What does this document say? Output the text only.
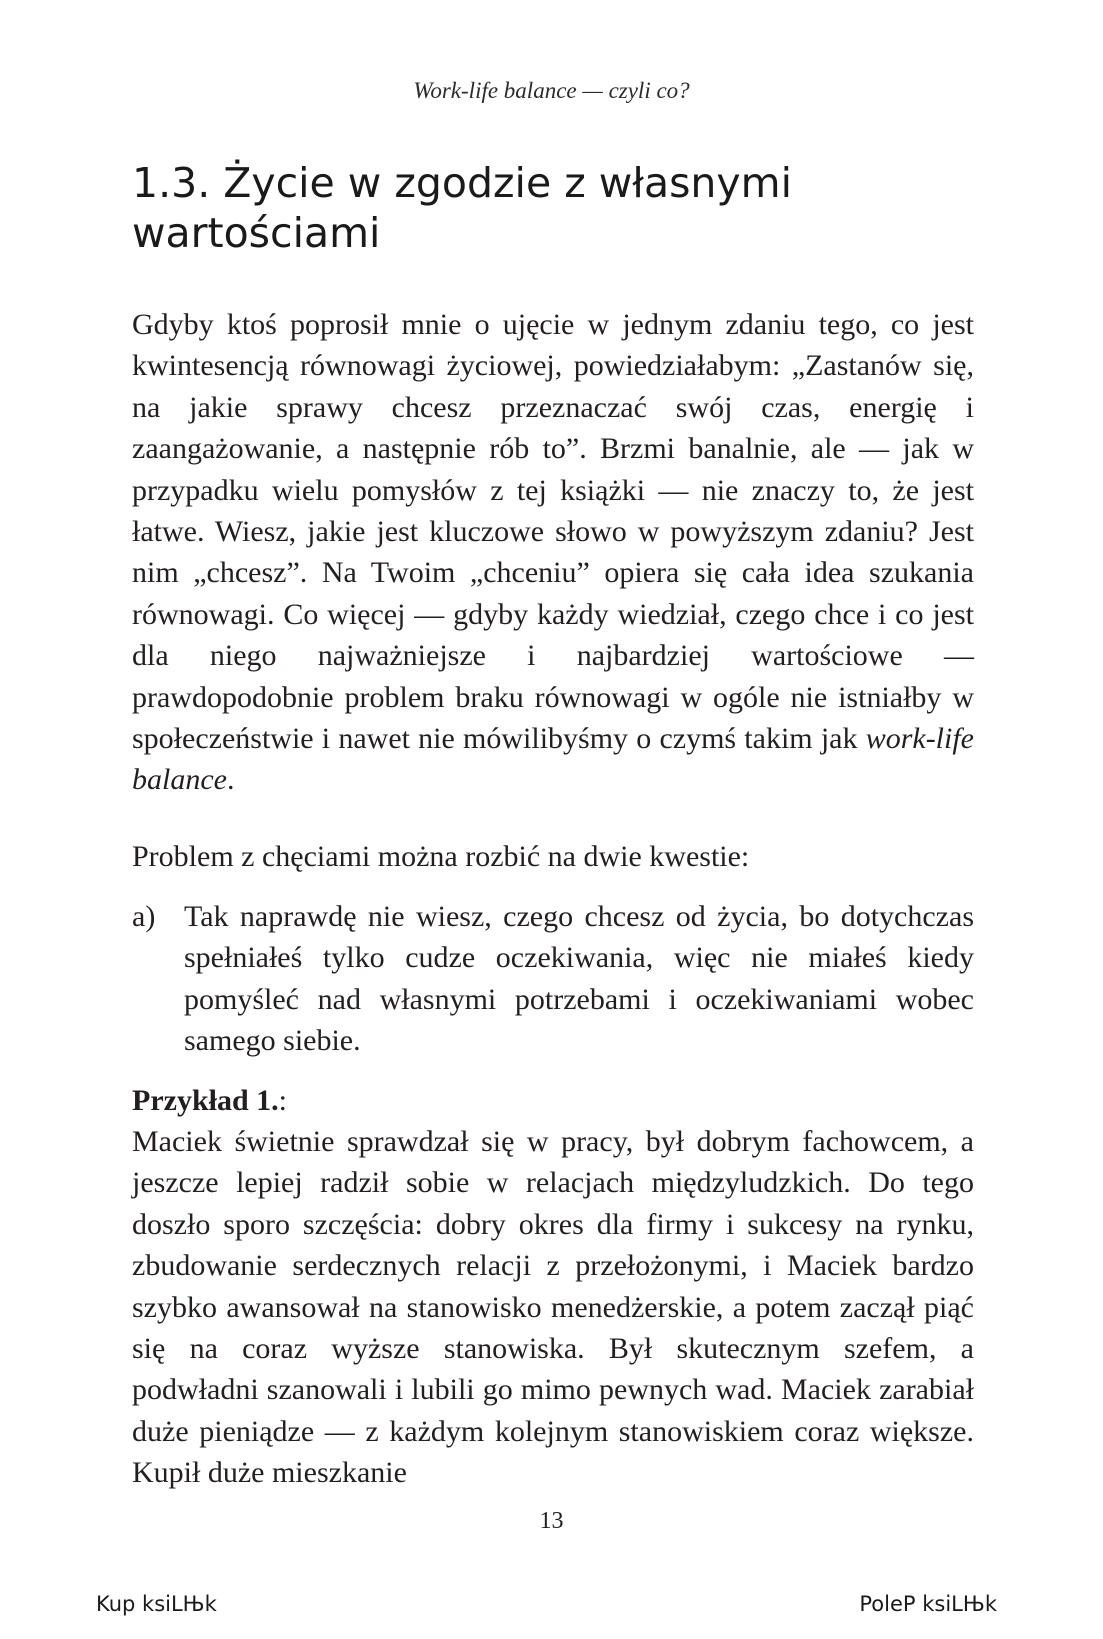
Work-life balance — czyli co?
1.3. Życie w zgodzie z własnymi wartościami

Gdyby ktoś poprosił mnie o ujęcie w jednym zdaniu tego, co jest kwintesencją równowagi życiowej, powiedziałabym: „Zastanów się, na jakie sprawy chcesz przeznaczać swój czas, energię i zaangażowanie, a następnie rób to”. Brzmi banalnie, ale — jak w przypadku wielu pomysłów z tej książki — nie znaczy to, że jest łatwe. Wiesz, jakie jest kluczowe słowo w powyższym zdaniu? Jest nim „chcesz”. Na Twoim „chceniu” opiera się cała idea szukania równowagi. Co więcej — gdyby każdy wiedział, czego chce i co jest dla niego najważniejsze i najbardziej wartościowe — prawdopodobnie problem braku równowagi w ogóle nie istniałby w społeczeństwie i nawet nie mówilibyśmy o czymś takim jak work-life balance.

Problem z chęciami można rozbić na dwie kwestie:

a) Tak naprawdę nie wiesz, czego chcesz od życia, bo dotychczas spełniałeś tylko cudze oczekiwania, więc nie miałeś kiedy pomyśleć nad własnymi potrzebami i oczekiwaniami wobec samego siebie.
Przykład 1.:

Maciek świetnie sprawdzał się w pracy, był dobrym fachowcem, a jeszcze lepiej radził sobie w relacjach międzyludzkich. Do tego doszło sporo szczęścia: dobry okres dla firmy i sukcesy na rynku, zbudowanie serdecznych relacji z przełożonymi, i Maciek bardzo szybko awansował na stanowisko menedżerskie, a potem zaczął piąć się na coraz wyższe stanowiska. Był skutecznym szefem, a podwładni szanowali i lubili go mimo pewnych wad. Maciek zarabiał duże pieniądze — z każdym kolejnym stanowiskiem coraz większe. Kupił duże mieszkanie

13
Kup ksiLЊk	PoleP ksiLЊk
